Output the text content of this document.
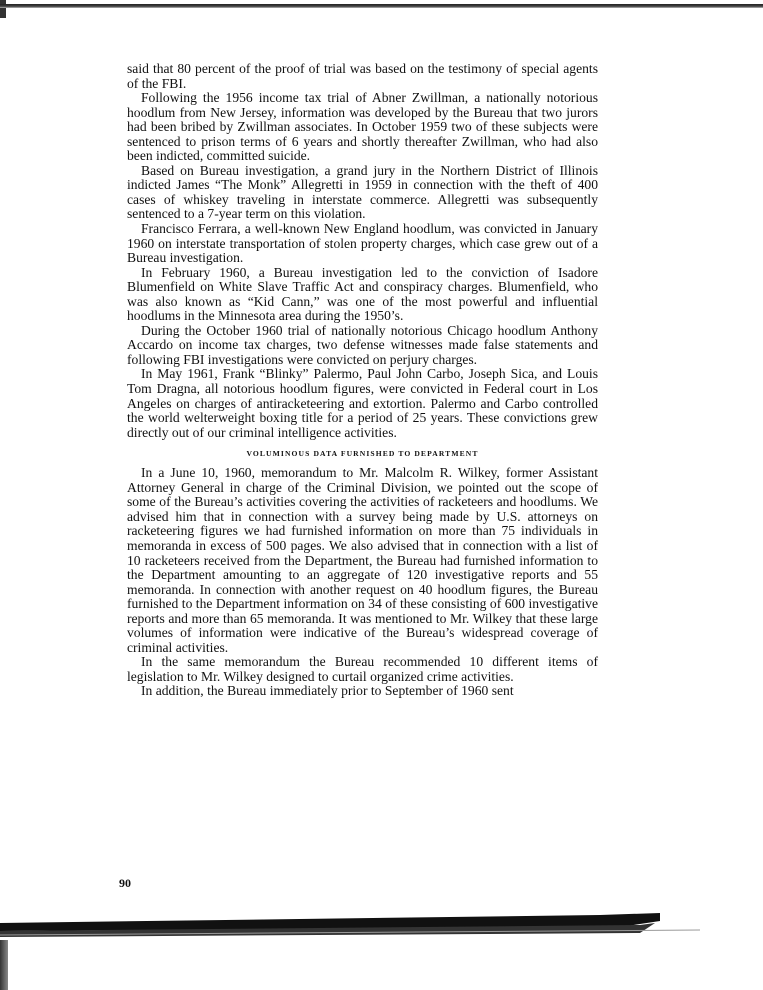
said that 80 percent of the proof of trial was based on the testimony of special agents of the FBI.

Following the 1956 income tax trial of Abner Zwillman, a nationally notorious hoodlum from New Jersey, information was developed by the Bureau that two jurors had been bribed by Zwillman associates. In October 1959 two of these subjects were sentenced to prison terms of 6 years and shortly thereafter Zwillman, who had also been indicted, committed suicide.

Based on Bureau investigation, a grand jury in the Northern District of Illinois indicted James “The Monk” Allegretti in 1959 in connection with the theft of 400 cases of whiskey traveling in interstate commerce. Allegretti was subsequently sentenced to a 7-year term on this violation.

Francisco Ferrara, a well-known New England hoodlum, was convicted in January 1960 on interstate transportation of stolen property charges, which case grew out of a Bureau investigation.

In February 1960, a Bureau investigation led to the conviction of Isadore Blumenfield on White Slave Traffic Act and conspiracy charges. Blumenfield, who was also known as “Kid Cann,” was one of the most powerful and influential hoodlums in the Minnesota area during the 1950’s.

During the October 1960 trial of nationally notorious Chicago hoodlum Anthony Accardo on income tax charges, two defense witnesses made false statements and following FBI investigations were convicted on perjury charges.

In May 1961, Frank “Blinky” Palermo, Paul John Carbo, Joseph Sica, and Louis Tom Dragna, all notorious hoodlum figures, were convicted in Federal court in Los Angeles on charges of antiracketeering and extortion. Palermo and Carbo controlled the world welterweight boxing title for a period of 25 years. These convictions grew directly out of our criminal intelligence activities.

VOLUMINOUS DATA FURNISHED TO DEPARTMENT

In a June 10, 1960, memorandum to Mr. Malcolm R. Wilkey, former Assistant Attorney General in charge of the Criminal Division, we pointed out the scope of some of the Bureau’s activities covering the activities of racketeers and hoodlums. We advised him that in connection with a survey being made by U.S. attorneys on racketeering figures we had furnished information on more than 75 individuals in memoranda in excess of 500 pages. We also advised that in connection with a list of 10 racketeers received from the Department, the Bureau had furnished information to the Department amounting to an aggregate of 120 investigative reports and 55 memoranda. In connection with another request on 40 hoodlum figures, the Bureau furnished to the Department information on 34 of these consisting of 600 investigative reports and more than 65 memoranda. It was mentioned to Mr. Wilkey that these large volumes of information were indicative of the Bureau’s widespread coverage of criminal activities.

In the same memorandum the Bureau recommended 10 different items of legislation to Mr. Wilkey designed to curtail organized crime activities.

In addition, the Bureau immediately prior to September of 1960 sent

90
